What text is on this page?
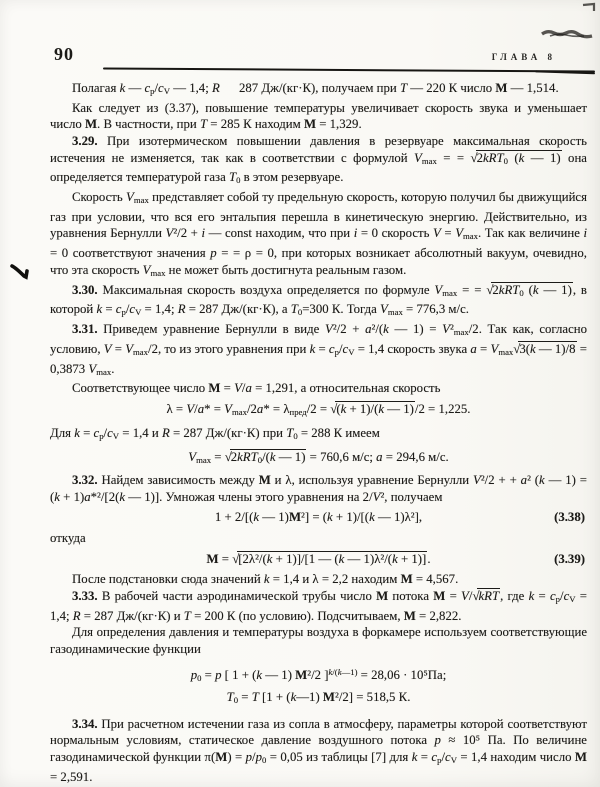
90	ГЛАВА 8

Полагая k — $c_p/c_V$ — 1,4; R   287 Дж/(кг·К), получаем при T — 220 К число М — 1,514.

Как следует из (3.37), повышение температуры увеличивает скорость звука и уменьшает число М. В частности, при T = 285 К находим М = 1,329.

3.29. При изотермическом повышении давления в резервуаре максимальная скорость истечения не изменяется, так как в соответствии с формулой $V_{max}$ = = √2kRT$_0$ (k — 1) она определяется температурой газа $T_0$ в этом резервуаре.

Скорость $V_{max}$ представляет собой ту предельную скорость, которую получил бы движущийся газ при условии, что вся его энтальпия перешла в кинетическую энергию. Действительно, из уравнения Бернулли V²/2 + i — const находим, что при i = 0 скорость $V = V_{max}$. Так как величине i = 0 соответствуют значения p = = ρ = 0, при которых возникает абсолютный вакуум, очевидно, что эта скорость $V_{max}$ не может быть достигнута реальным газом.

3.30. Максимальная скорость воздуха определяется по формуле $V_{max}$ = = √2kRT$_0$ (k — 1), в которой $k = c_p/c_V = 1,4$; R = 287 Дж/(кг·К), а $T_0=300$ К. Тогда $V_{max} = 776,3$ м/с.

3.31. Приведем уравнение Бернулли в виде V²/2 + a²/(k — $1) = V^2_{max}/2$. Так как, согласно условию, $V = V_{max}/2$, то из этого уравнения при $k = c_p/c_V = 1,4$ скорость звука $a = V_{max}√3(k$ — 1)/8 = 0,3873 $V_{max}$.

Соответствующее число М = V/a = 1,291, а относительная скорость

$\lambda = V/a* = V_{max}/2a* = \lambda_{пред}/2 = √(k + 1)/(k$ — 1)/2 = 1,225.

Для $k = c_p/c_V = 1,4$ и R = 287 Дж/(кг·К) при $T_0 = 288$ К имеем

$V_{max} = √2kRT_0/(k$ — 1) = 760,6 м/с; a = 294,6 м/с.

3.32. Найдем зависимость между М и λ, используя уравнение Бернулли V²/2 + + a² (k — 1) = (k + 1)a*²/[2(k — 1)]. Умножая члены этого уравнения на 2/V², получаем

1 + 2/[(k — 1)M²] = (k + 1)/[(k — 1)λ²],	(3.38)

откуда

M = √[2λ²/(k + 1)]/[1 — (k — 1)λ²/(k + 1)].	(3.39)

После подстановки сюда значений k = 1,4 и λ = 2,2 находим М = 4,567.

3.33. В рабочей части аэродинамической трубы число М потока M = V/√kRT, где $k = c_p/c_V = 1,4$; R = 287 Дж/(кг·К) и T = 200 К (по условию). Подсчитываем, М = 2,822.

Для определения давления и температуры воздуха в форкамере используем соответствующие газодинамические функции

$p_0 = p$ [ 1 + (k — 1) М²/2 ]$^{k/(k—1)}$ = 28,06 · 10⁵Па;

$T_0 = T$ [1 + (k—1) М²/2] = 518,5 К.

3.34. При расчетном истечении газа из сопла в атмосферу, параметры которой соответствуют нормальным условиям, статическое давление воздушного потока p ≈ 10⁵ Па. По величине газодинамической функции $\pi(M) = p/p_0 = 0,05$ из таблицы [7] для $k = c_p/c_V = 1,4$ находим число М = 2,591.
